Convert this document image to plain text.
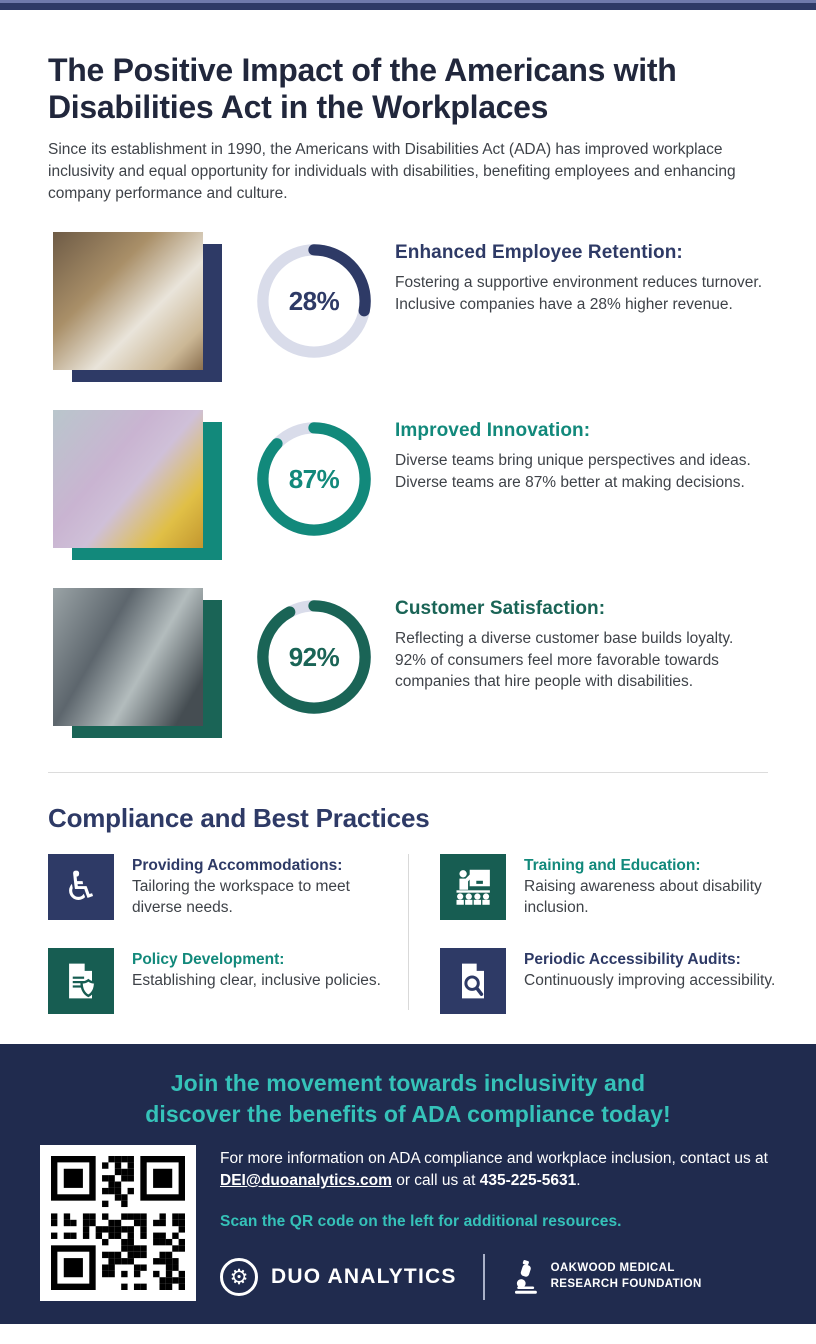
The Positive Impact of the Americans with Disabilities Act in the Workplaces

Since its establishment in 1990, the Americans with Disabilities Act (ADA) has improved workplace inclusivity and equal opportunity for individuals with disabilities, benefiting employees and enhancing company performance and culture.

28%
Enhanced Employee Retention:
Fostering a supportive environment reduces turnover. Inclusive companies have a 28% higher revenue.
87%
Improved Innovation:
Diverse teams bring unique perspectives and ideas. Diverse teams are 87% better at making decisions.
92%
Customer Satisfaction:
Reflecting a diverse customer base builds loyalty. 92% of consumers feel more favorable towards companies that hire people with disabilities.
Compliance and Best Practices
♿ Providing Accommodations:
Tailoring the workspace to meet diverse needs.
Training and Education:
Raising awareness about disability inclusion.
Policy Development:
Establishing clear, inclusive policies.
Periodic Accessibility Audits: Continuously improving accessibility.
Join the movement towards inclusivity and
discover the benefits of ADA compliance today!

For more information on ADA compliance and workplace inclusion, contact us at DEI@duoanalytics.com or call us at 435-225-5631.

Scan the QR code on the left for additional resources.
⚙	DUO ANALYTICS	OAKWOOD MEDICAL
RESEARCH FOUNDATION
